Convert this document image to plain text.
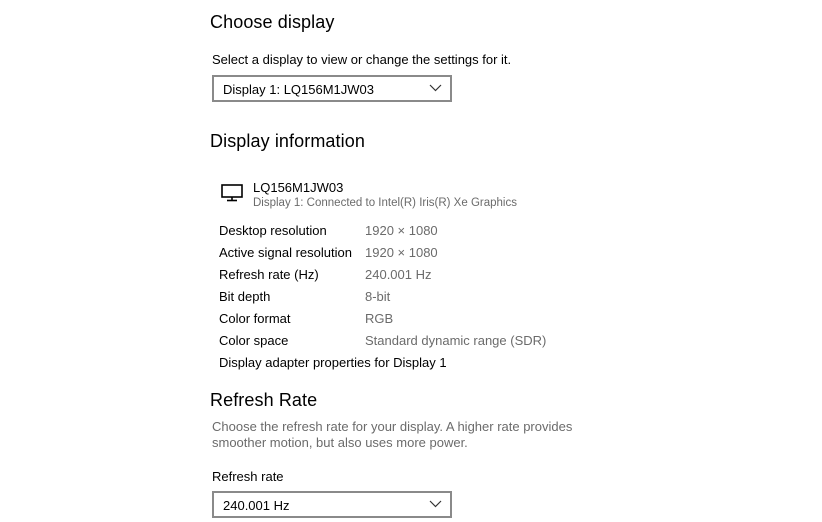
Choose display
Select a display to view or change the settings for it.
Display 1: LQ156M1JW03
Display information
LQ156M1JW03
Display 1: Connected to Intel(R) Iris(R) Xe Graphics
Desktop resolution	1920 × 1080
Active signal resolution 1920 × 1080
Refresh rate (Hz)	240.001 Hz
Bit depth	8-bit
Color format	RGB
Color space	Standard dynamic range (SDR)
Display adapter properties for Display 1
Refresh Rate
Choose the refresh rate for your display. A higher rate provides
smoother motion, but also uses more power.
Refresh rate
240.001 Hz
